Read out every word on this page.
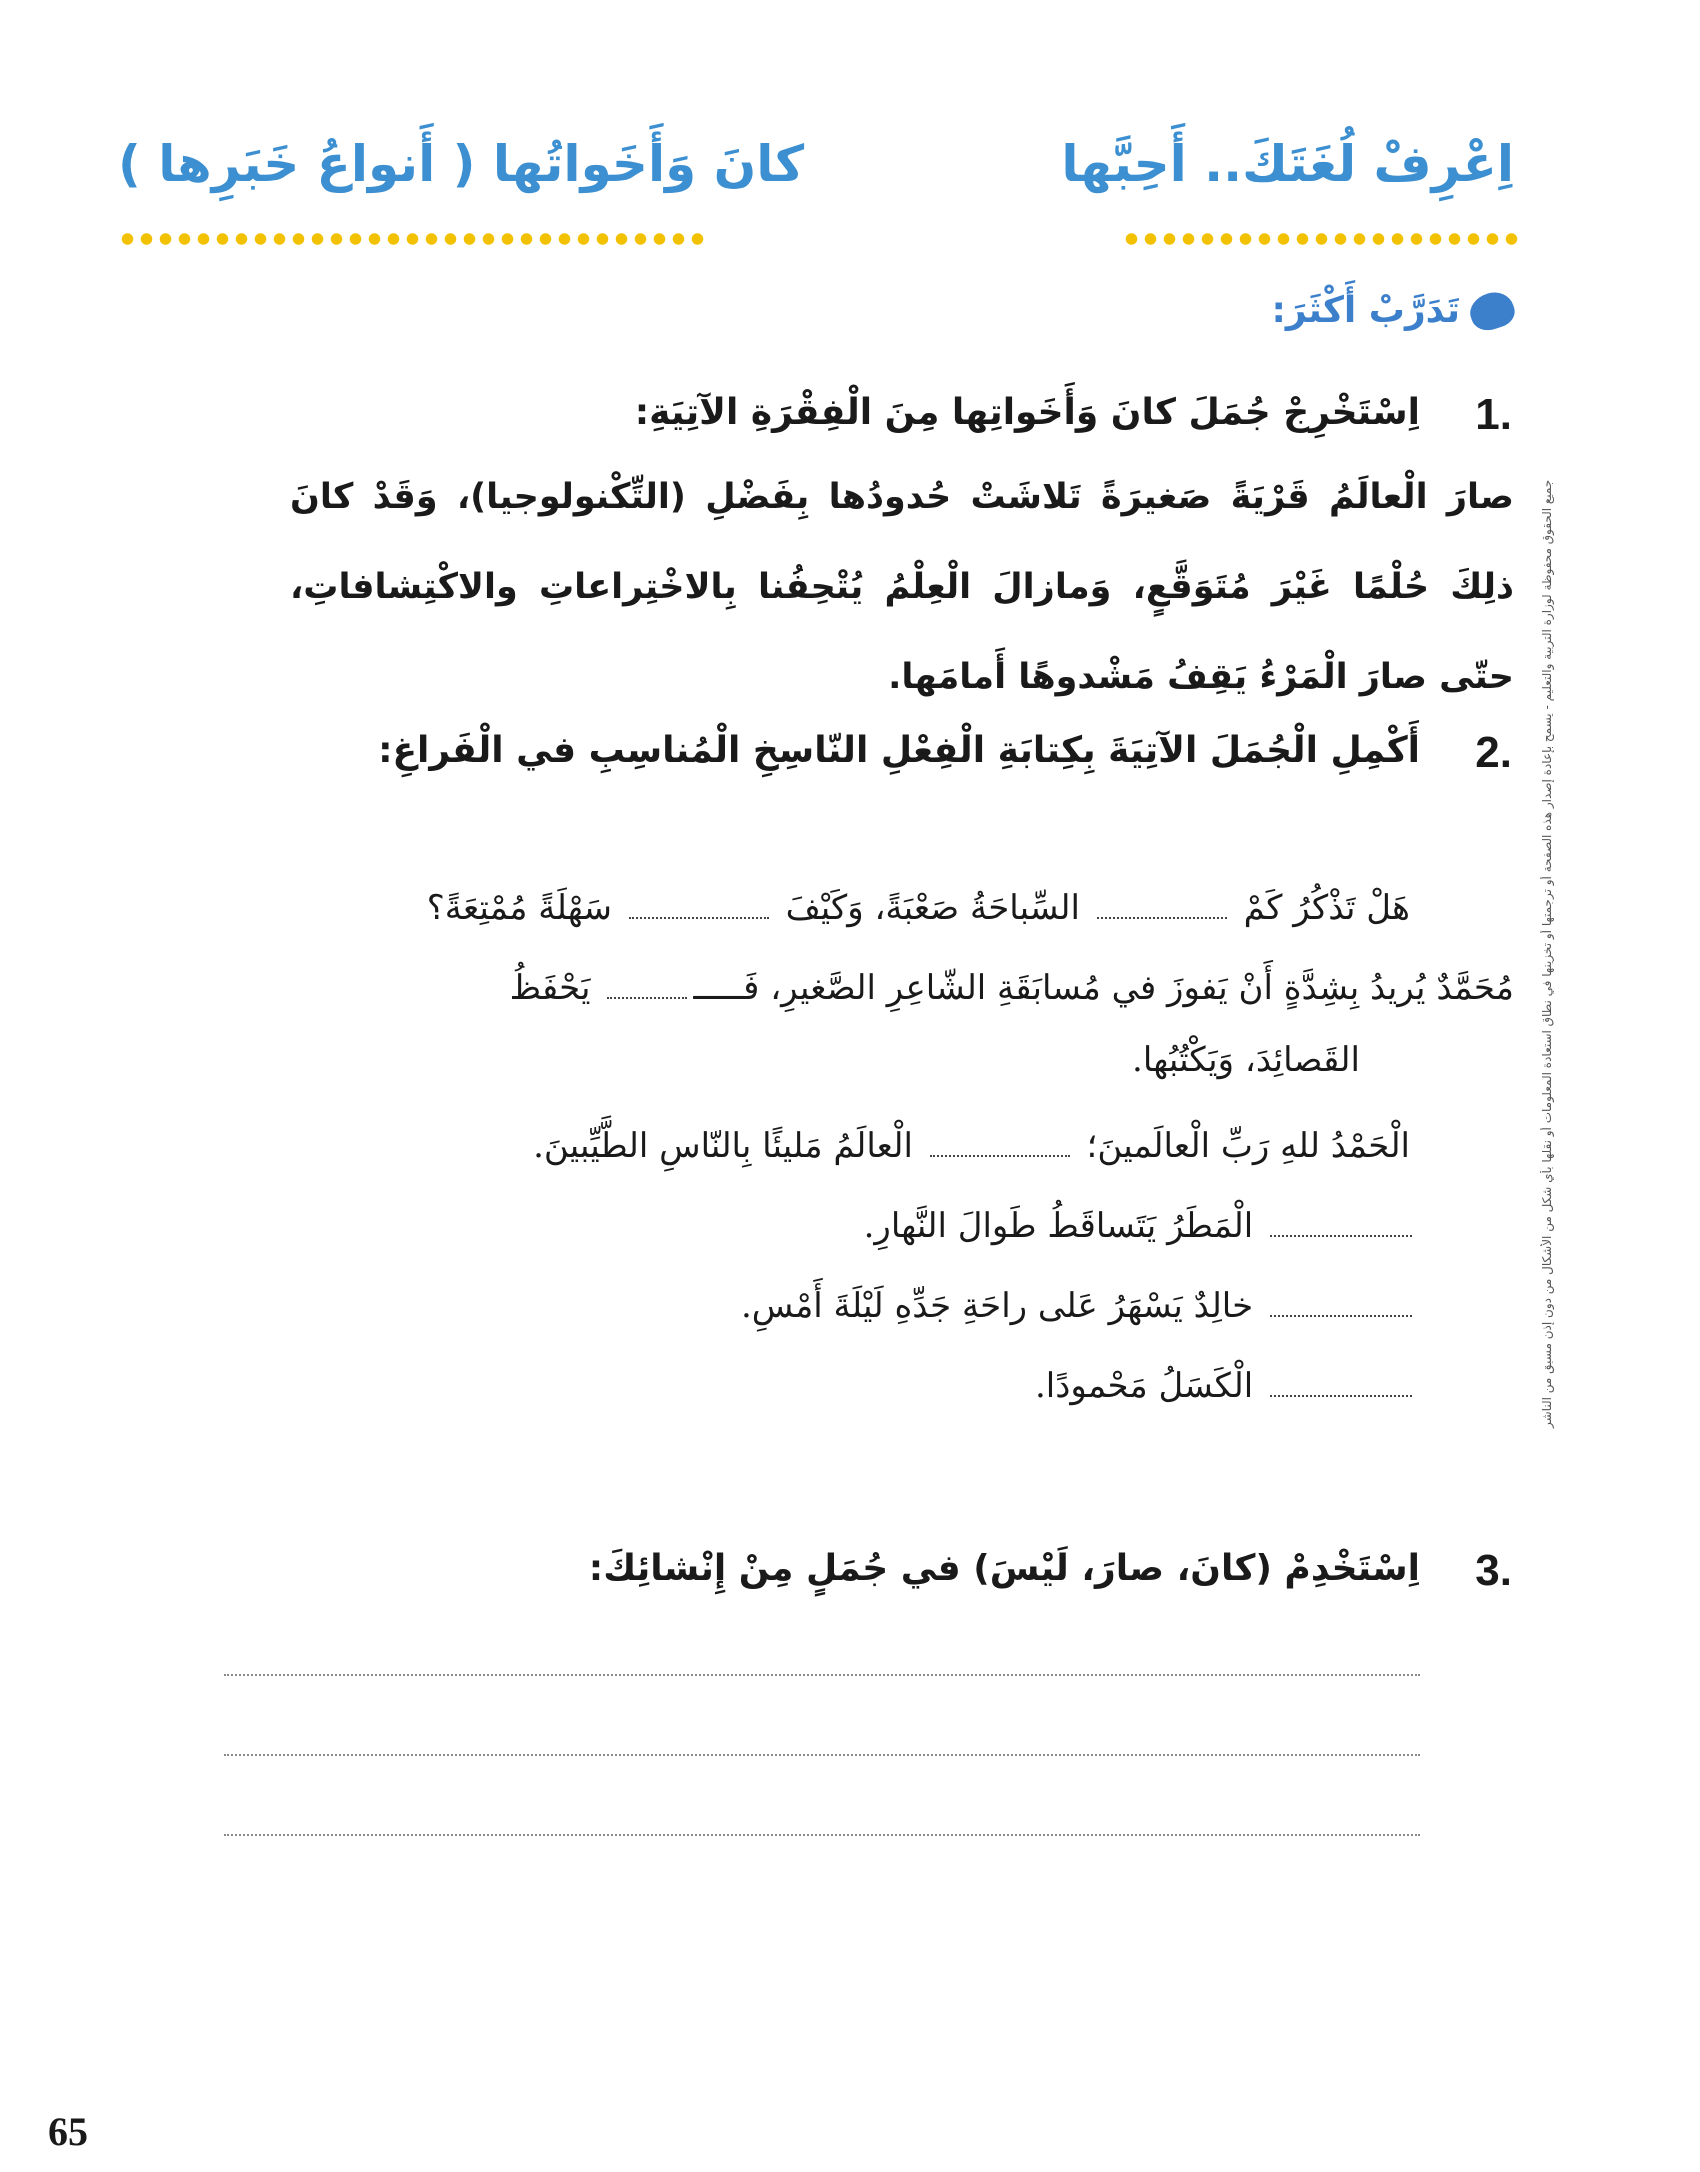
اِعْرِفْ لُغَتَكَ.. أَحِبَّها
كانَ وَأَخَواتُها ( أَنواعُ خَبَرِها )
تَدَرَّبْ أَكْثَرَ:
1.
اِسْتَخْرِجْ جُمَلَ كانَ وَأَخَواتِها مِنَ الْفِقْرَةِ الآتِيَةِ:
صارَ الْعالَمُ قَرْيَةً صَغيرَةً تَلاشَتْ حُدودُها بِفَضْلِ (التِّكْنولوجيا)، وَقَدْ كانَ ذلِكَ حُلْمًا غَيْرَ مُتَوَقَّعٍ، وَمازالَ الْعِلْمُ يُتْحِفُنا بِالاخْتِراعاتِ والاكْتِشافاتِ، حتّى صارَ الْمَرْءُ يَقِفُ مَشْدوهًا أَمامَها.
2.
أَكْمِلِ الْجُمَلَ الآتِيَةَ بِكِتابَةِ الْفِعْلِ النّاسِخِ الْمُناسِبِ في الْفَراغِ:
هَلْ تَذْكُرُ كَمْ  السِّباحَةُ صَعْبَةً، وَكَيْفَ  سَهْلَةً مُمْتِعَةً؟
مُحَمَّدٌ يُريدُ بِشِدَّةٍ أَنْ يَفوزَ في مُسابَقَةِ الشّاعِرِ الصَّغيرِ، فَـــــ يَحْفَظُ
القَصائِدَ، وَيَكْتُبُها.
الْحَمْدُ للهِ رَبِّ الْعالَمينَ؛  الْعالَمُ مَليئًا بِالنّاسِ الطَّيِّبينَ.
الْمَطَرُ يَتَساقَطُ طَوالَ النَّهارِ.
خالِدٌ يَسْهَرُ عَلى راحَةِ جَدِّهِ لَيْلَةَ أَمْسِ.
الْكَسَلُ مَحْمودًا.
3.
اِسْتَخْدِمْ (كانَ، صارَ، لَيْسَ) في جُمَلٍ مِنْ إِنْشائِكَ:
جميع الحقوق محفوظة لوزارة التربية والتعليم - يسمح بإعادة إصدار هذه الصفحة أو ترجمتها أو تخزينها في نطاق استعادة المعلومات أو نقلها بأي شكل من الأشكال من دون إذن مسبق من الناشر
65
